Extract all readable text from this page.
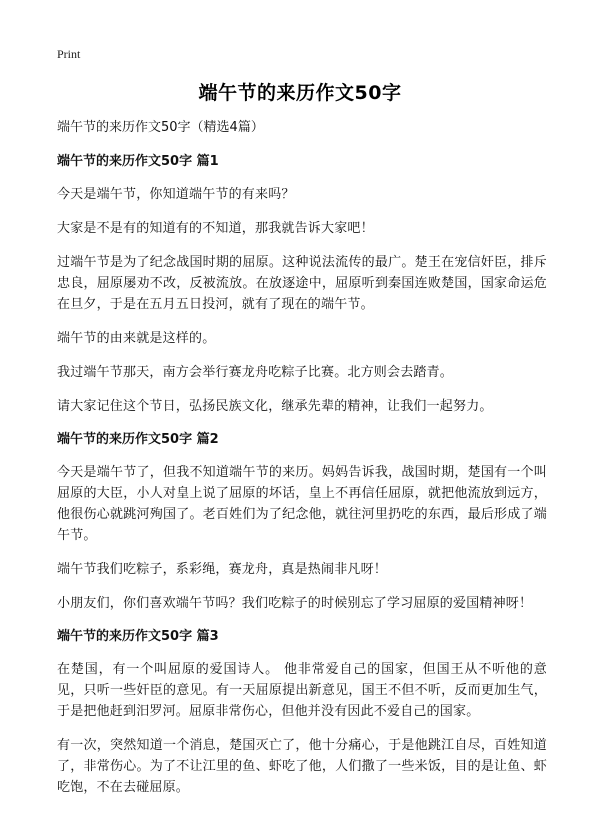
Print
端午节的来历作文50字

端午节的来历作文50字（精选4篇）

端午节的来历作文50字 篇1

今天是端午节，你知道端午节的有来吗？

大家是不是有的知道有的不知道，那我就告诉大家吧！

过端午节是为了纪念战国时期的屈原。这种说法流传的最广。楚王在宠信奸臣，排斥忠良，屈原屡劝不改，反被流放。在放逐途中，屈原听到秦国连败楚国，国家命运危在旦夕，于是在五月五日投河，就有了现在的端午节。

端午节的由来就是这样的。

我过端午节那天，南方会举行赛龙舟吃粽子比赛。北方则会去踏青。

请大家记住这个节日，弘扬民族文化，继承先辈的精神，让我们一起努力。

端午节的来历作文50字 篇2

今天是端午节了，但我不知道端午节的来历。妈妈告诉我，战国时期，楚国有一个叫屈原的大臣，小人对皇上说了屈原的坏话，皇上不再信任屈原，就把他流放到远方，他很伤心就跳河殉国了。老百姓们为了纪念他，就往河里扔吃的东西，最后形成了端午节。

端午节我们吃粽子，系彩绳，赛龙舟，真是热闹非凡呀！

小朋友们，你们喜欢端午节吗？我们吃粽子的时候别忘了学习屈原的爱国精神呀！

端午节的来历作文50字 篇3

在楚国，有一个叫屈原的爱国诗人。 他非常爱自己的国家，但国王从不听他的意见，只听一些奸臣的意见。有一天屈原提出新意见，国王不但不听，反而更加生气，于是把他赶到汨罗河。屈原非常伤心，但他并没有因此不爱自己的国家。

有一次，突然知道一个消息，楚国灭亡了，他十分痛心，于是他跳江自尽，百姓知道了，非常伤心。为了不让江里的鱼、虾吃了他，人们撒了一些米饭，目的是让鱼、虾吃饱，不在去碰屈原。
